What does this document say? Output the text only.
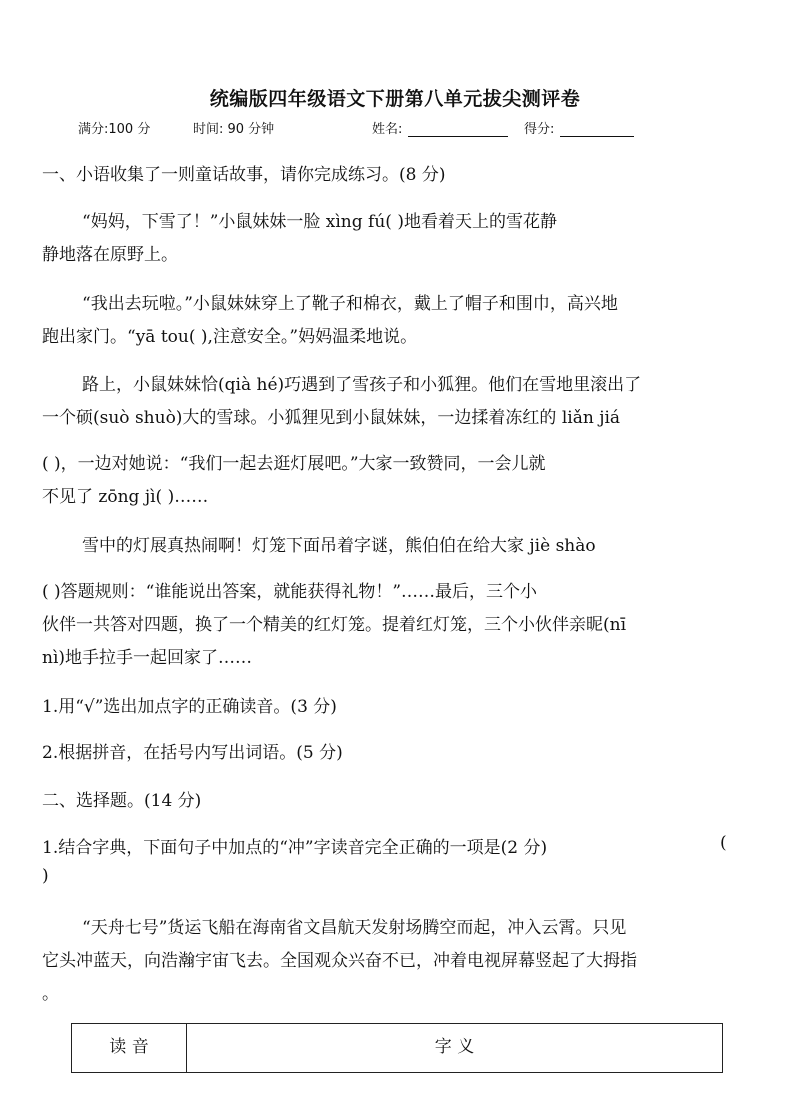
统编版四年级语文下册第八单元拔尖测评卷
满分:100 分	时间: 90 分钟	姓名:	得分:
一、小语收集了一则童话故事，请你完成练习。(8 分)
“妈妈，下雪了！”小鼠妹妹一脸 xìng fú( )地看着天上的雪花静
静地落在原野上。
“我出去玩啦。”小鼠妹妹穿上了靴子和棉衣，戴上了帽子和围巾，高兴地
跑出家门。“yā tou( ),注意安全。”妈妈温柔地说。
路上，小鼠妹妹恰(qià hé)巧遇到了雪孩子和小狐狸。他们在雪地里滚出了
一个硕(suò shuò)大的雪球。小狐狸见到小鼠妹妹，一边揉着冻红的 liǎn jiá
( )，一边对她说：“我们一起去逛灯展吧。”大家一致赞同，一会儿就
不见了 zōng jì( )……
雪中的灯展真热闹啊！灯笼下面吊着字谜，熊伯伯在给大家 jiè shào
( )答题规则：“谁能说出答案，就能获得礼物！”……最后，三个小
伙伴一共答对四题，换了一个精美的红灯笼。提着红灯笼，三个小伙伴亲昵(nī
nì)地手拉手一起回家了……
1.用“√”选出加点字的正确读音。(3 分)
2.根据拼音，在括号内写出词语。(5 分)
二、选择题。(14 分)
1.结合字典，下面句子中加点的“冲”字读音完全正确的一项是(2 分)	(
)
“天舟七号”货运飞船在海南省文昌航天发射场腾空而起，冲入云霄。只见
它头冲蓝天，向浩瀚宇宙飞去。全国观众兴奋不已，冲着电视屏幕竖起了大拇指
。
读 音	字 义
